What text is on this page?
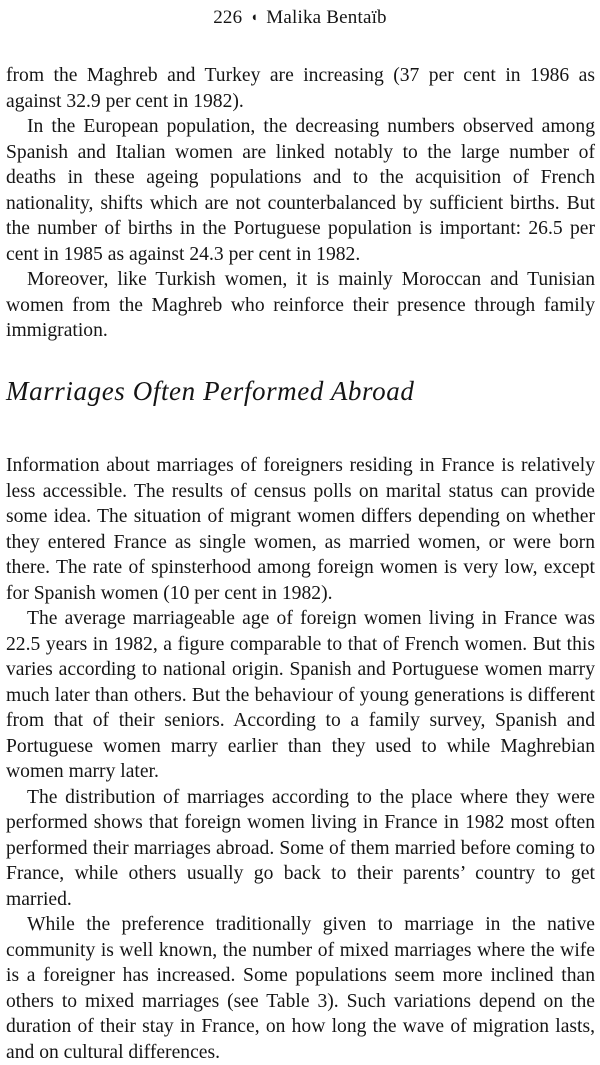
226 ◖ Malika Bentaïb

from the Maghreb and Turkey are increasing (37 per cent in 1986 as against 32.9 per cent in 1982).

In the European population, the decreasing numbers observed among Spanish and Italian women are linked notably to the large number of deaths in these ageing populations and to the acquisition of French nationality, shifts which are not counterbalanced by sufficient births. But the number of births in the Portuguese population is important: 26.5 per cent in 1985 as against 24.3 per cent in 1982.

Moreover, like Turkish women, it is mainly Moroccan and Tunisian women from the Maghreb who reinforce their presence through family immigration.

Marriages Often Performed Abroad

Information about marriages of foreigners residing in France is relatively less accessible. The results of census polls on marital status can provide some idea. The situation of migrant women differs depending on whether they entered France as single women, as married women, or were born there. The rate of spinsterhood among foreign women is very low, except for Spanish women (10 per cent in 1982).

The average marriageable age of foreign women living in France was 22.5 years in 1982, a figure comparable to that of French women. But this varies according to national origin. Spanish and Portuguese women marry much later than others. But the behaviour of young generations is different from that of their seniors. According to a family survey, Spanish and Portuguese women marry earlier than they used to while Maghrebian women marry later.

The distribution of marriages according to the place where they were performed shows that foreign women living in France in 1982 most often performed their marriages abroad. Some of them married before coming to France, while others usually go back to their parents’ country to get married.

While the preference traditionally given to marriage in the native community is well known, the number of mixed marriages where the wife is a foreigner has increased. Some populations seem more inclined than others to mixed marriages (see Table 3). Such variations depend on the duration of their stay in France, on how long the wave of migration lasts, and on cultural differences.
